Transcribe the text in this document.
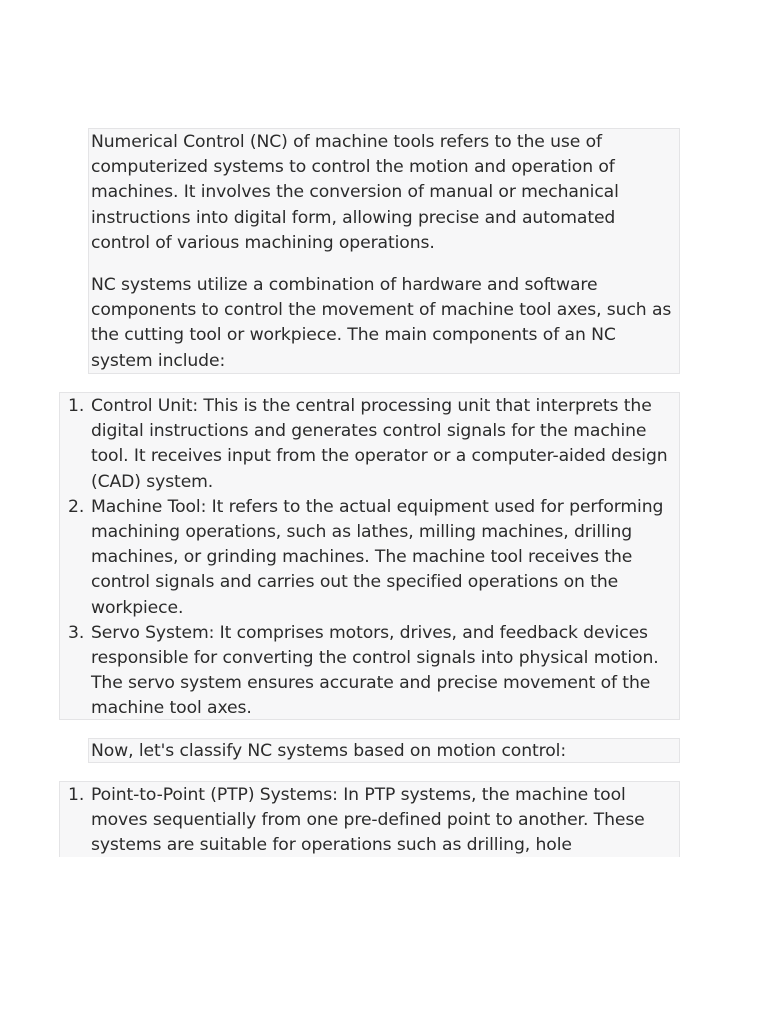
Numerical Control (NC) of machine tools refers to the use of computerized systems to control the motion and operation of machines. It involves the conversion of manual or mechanical instructions into digital form, allowing precise and automated control of various machining operations.

NC systems utilize a combination of hardware and software components to control the movement of machine tool axes, such as the cutting tool or workpiece. The main components of an NC system include:

1. Control Unit: This is the central processing unit that interprets the digital instructions and generates control signals for the machine tool. It receives input from the operator or a computer-aided design (CAD) system.
2. Machine Tool: It refers to the actual equipment used for performing machining operations, such as lathes, milling machines, drilling machines, or grinding machines. The machine tool receives the control signals and carries out the specified operations on the workpiece.
3. Servo System: It comprises motors, drives, and feedback devices responsible for converting the control signals into physical motion. The servo system ensures accurate and precise movement of the machine tool axes.
Now, let's classify NC systems based on motion control:
1. Point-to-Point (PTP) Systems: In PTP systems, the machine tool moves sequentially from one pre-defined point to another. These systems are suitable for operations such as drilling, hole
